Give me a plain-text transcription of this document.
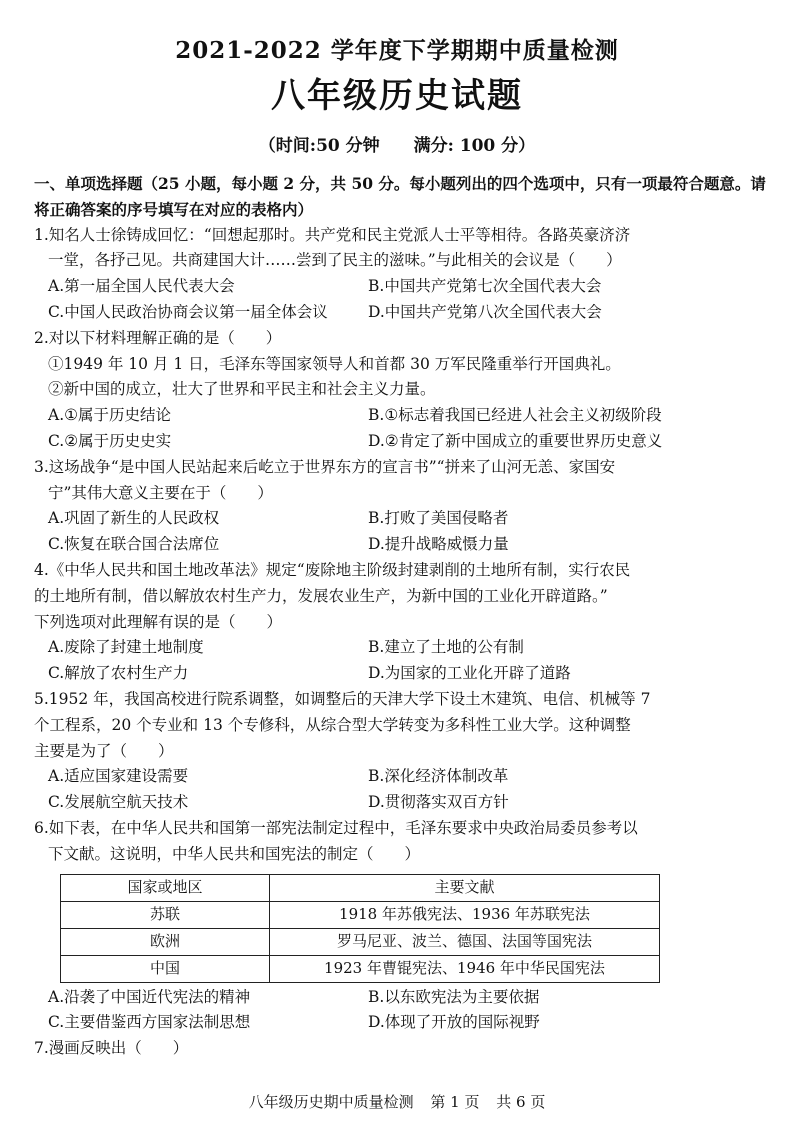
2021-2022 学年度下学期期中质量检测
八年级历史试题
（时间:50 分钟 满分: 100 分）

一、单项选择题（25 小题，每小题 2 分，共 50 分。每小题列出的四个选项中，只有一项最符合题意。请将正确答案的序号填写在对应的表格内）

1.知名人士徐铸成回忆：“回想起那时。共产党和民主党派人士平等相待。各路英豪济济

一堂，各抒己见。共商建国大计……尝到了民主的滋味。”与此相关的会议是（　　）

A.第一届全国人民代表大会	B.中国共产党第七次全国代表大会
C.中国人民政治协商会议第一届全体会议	D.中国共产党第八次全国代表大会

2.对以下材料理解正确的是（　　）

①1949 年 10 月 1 日，毛泽东等国家领导人和首都 30 万军民隆重举行开国典礼。

②新中国的成立，壮大了世界和平民主和社会主义力量。

A.①属于历史结论	B.①标志着我国已经进人社会主义初级阶段
C.②属于历史史实	D.②肯定了新中国成立的重要世界历史意义

3.这场战争“是中国人民站起来后屹立于世界东方的宣言书”“拼来了山河无恙、家国安

宁”其伟大意义主要在于（　　）

A.巩固了新生的人民政权	B.打败了美国侵略者
C.恢复在联合国合法席位	D.提升战略威慑力量

4.《中华人民共和国土地改革法》规定“废除地主阶级封建剥削的土地所有制，实行农民

的土地所有制，借以解放农村生产力，发展农业生产，为新中国的工业化开辟道路。”

下列选项对此理解有误的是（　　）

A.废除了封建土地制度	B.建立了土地的公有制
C.解放了农村生产力	D.为国家的工业化开辟了道路

5.1952 年，我国高校进行院系调整，如调整后的天津大学下设土木建筑、电信、机械等 7

个工程系，20 个专业和 13 个专修科，从综合型大学转变为多科性工业大学。这种调整

主要是为了（　　）

A.适应国家建设需要	B.深化经济体制改革
C.发展航空航天技术	D.贯彻落实双百方针

6.如下表，在中华人民共和国第一部宪法制定过程中，毛泽东要求中央政治局委员参考以

下文献。这说明，中华人民共和国宪法的制定（　　）

国家或地区	主要文献
苏联	1918 年苏俄宪法、1936 年苏联宪法
欧洲	罗马尼亚、波兰、德国、法国等国宪法
中国	1923 年曹锟宪法、1946 年中华民国宪法
A.沿袭了中国近代宪法的精神	B.以东欧宪法为主要依据
C.主要借鉴西方国家法制思想	D.体现了开放的国际视野

7.漫画反映出（　　）

八年级历史期中质量检测 第 1 页 共 6 页
